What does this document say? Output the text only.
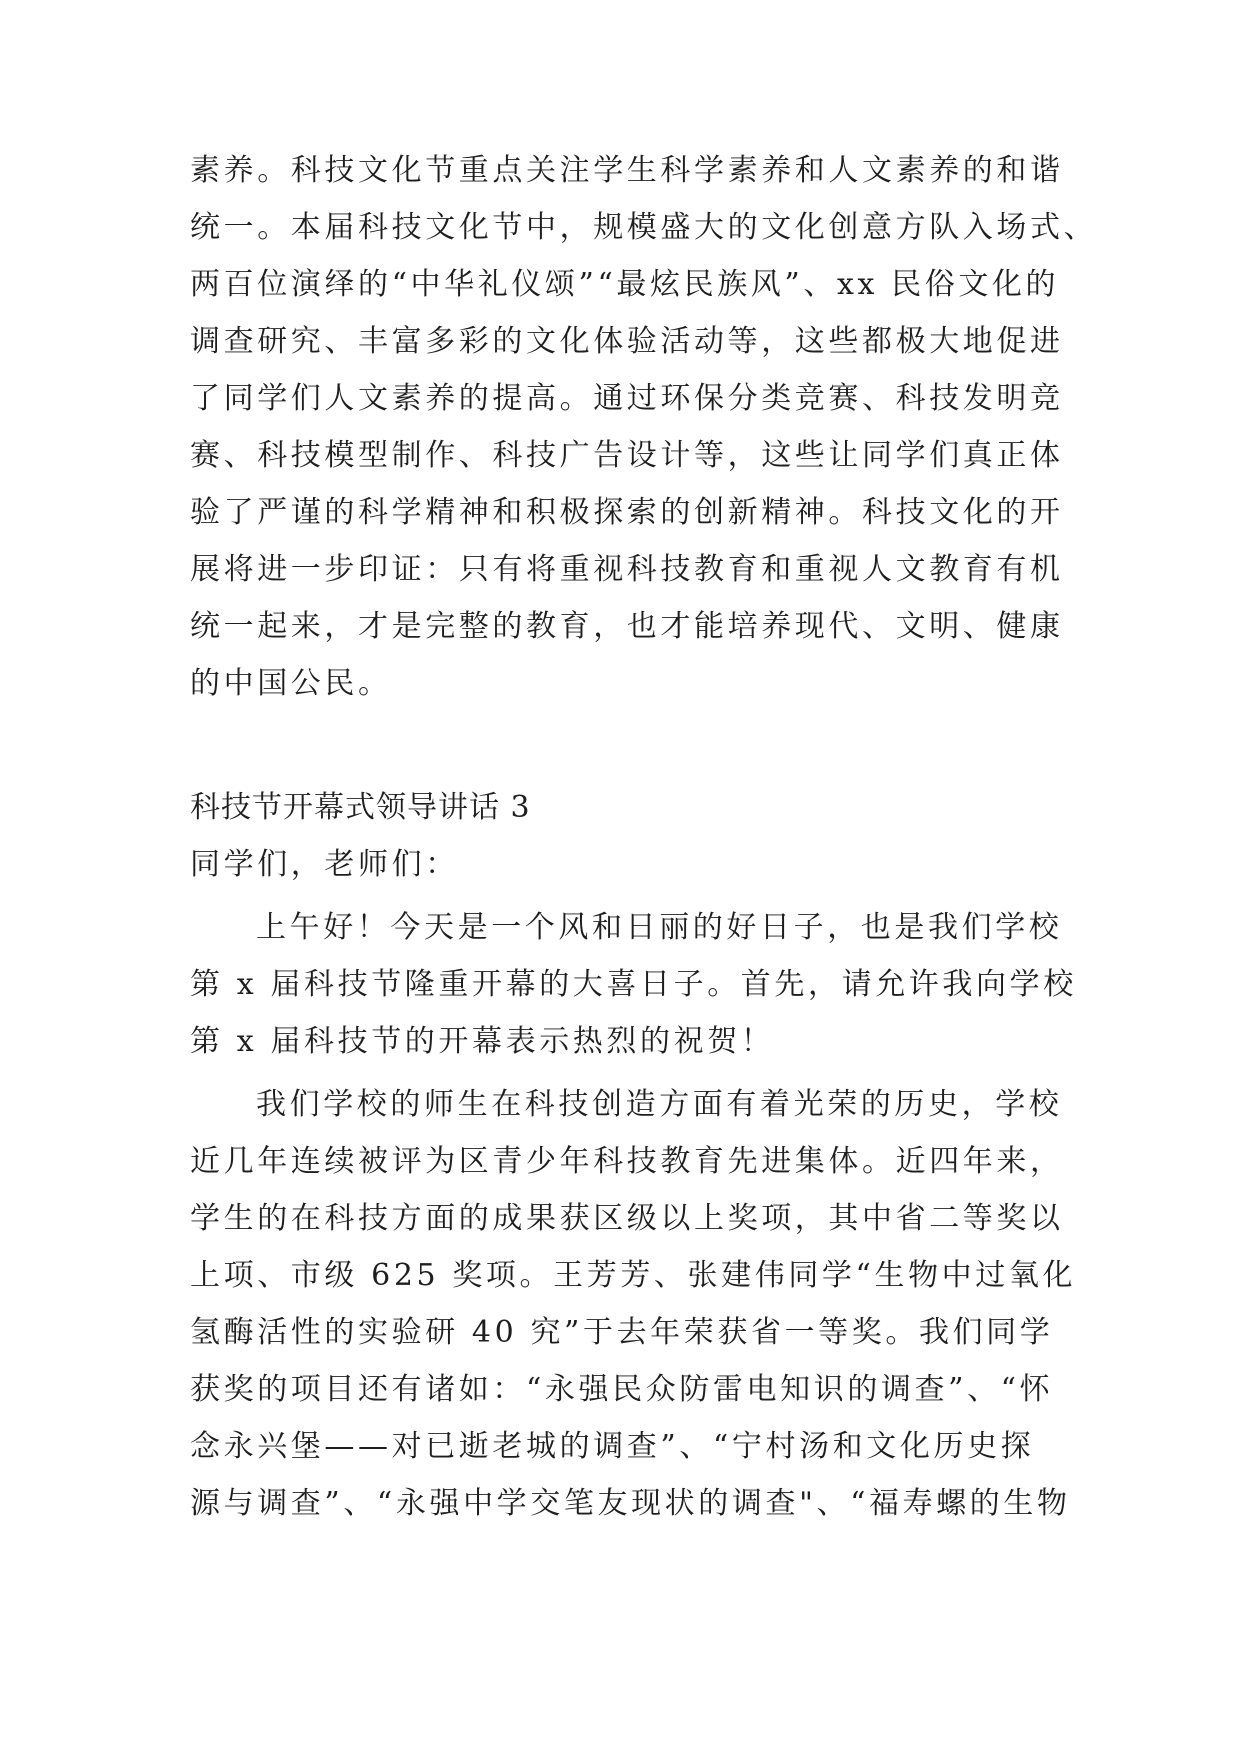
素养。科技文化节重点关注学生科学素养和人文素养的和谐
统一。本届科技文化节中，规模盛大的文化创意方队入场式、
两百位演绎的“中华礼仪颂”“最炫民族风”、xx 民俗文化的
调查研究、丰富多彩的文化体验活动等，这些都极大地促进
了同学们人文素养的提高。通过环保分类竞赛、科技发明竞
赛、科技模型制作、科技广告设计等，这些让同学们真正体
验了严谨的科学精神和积极探索的创新精神。科技文化的开
展将进一步印证：只有将重视科技教育和重视人文教育有机
统一起来，才是完整的教育，也才能培养现代、文明、健康
的中国公民。
科技节开幕式领导讲话 3
同学们，老师们：
上午好！今天是一个风和日丽的好日子，也是我们学校
第 x 届科技节隆重开幕的大喜日子。首先，请允许我向学校
第 x 届科技节的开幕表示热烈的祝贺！
我们学校的师生在科技创造方面有着光荣的历史，学校
近几年连续被评为区青少年科技教育先进集体。近四年来，
学生的在科技方面的成果获区级以上奖项，其中省二等奖以
上项、市级 625 奖项。王芳芳、张建伟同学“生物中过氧化
氢酶活性的实验研 40 究”于去年荣获省一等奖。我们同学
获奖的项目还有诸如：“永强民众防雷电知识的调查”、“怀
念永兴堡——对已逝老城的调查”、“宁村汤和文化历史探
源与调查”、“永强中学交笔友现状的调查"、“福寿螺的生物
